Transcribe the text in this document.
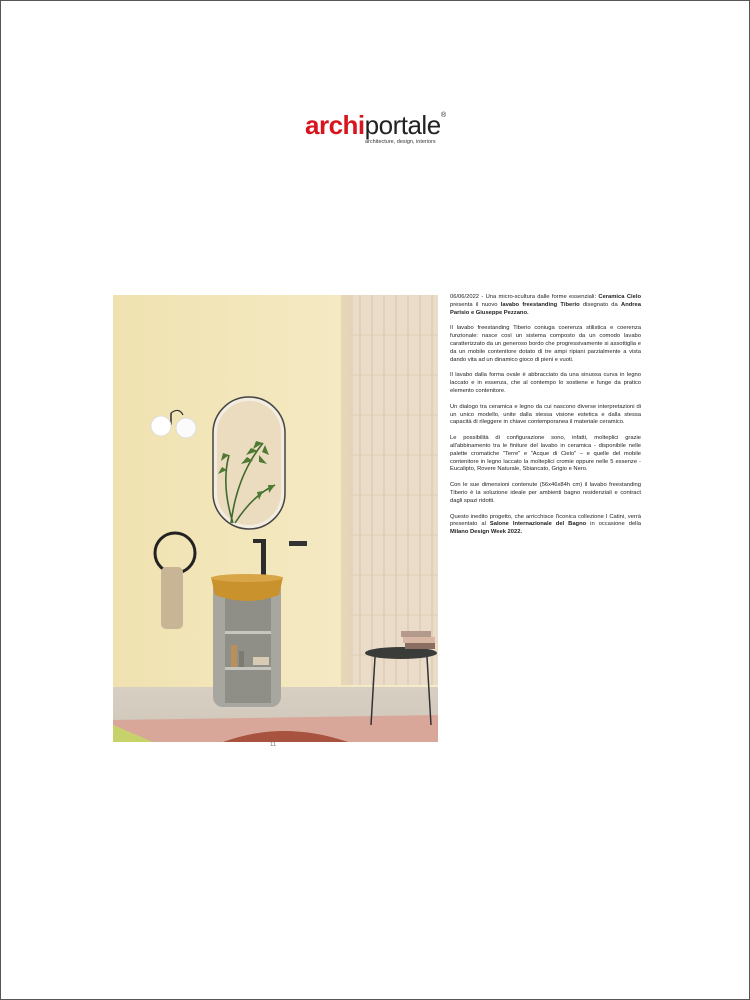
archiportale ®
architecture, design, interiors
11

06/06/2022 - Una micro-scultura dalle forme essenziali: Ceramica Cielo presenta il nuovo lavabo freestanding Tiberio disegnato da Andrea Parisio e Giuseppe Pezzano.

Il lavabo freestanding Tiberio coniuga coerenza stilistica e coerenza funzionale: nasce così un sistema composto da un comodo lavabo caratterizzato da un generoso bordo che progressivamente si assottiglia e da un mobile contenitore dotato di tre ampi ripiani parzialmente a vista dando vita ad un dinamico gioco di pieni e vuoti.

Il lavabo dalla forma ovale è abbracciato da una sinuosa curva in legno laccato e in essenza, che al contempo lo sostiene e funge da pratico elemento contenitore.

Un dialogo tra ceramica e legno da cui nascono diverse interpretazioni di un unico modello, unite dalla stessa visione estetica e dalla stessa capacità di rileggere in chiave contemporanea il materiale ceramico.

Le possibilità di configurazione sono, infatti, molteplici grazie all'abbinamento tra le finiture del lavabo in ceramica - disponibile nelle palette cromatiche "Terre" e "Acque di Cielo" – e quelle del mobile contenitore in legno laccato la molteplici cromie oppure nelle 5 essenze - Eucalipto, Rovere Naturale, Sbiancato, Grigio e Nero.

Con le sue dimensioni contenute (56x46x84h cm) il lavabo freestanding Tiberio è la soluzione ideale per ambienti bagno residenziali e contract dagli spazi ridotti.

Questo inedito progetto, che arricchisce l'iconica collezione I Catini, verrà presentato al Salone Internazionale del Bagno in occasione della Milano Design Week 2022.
